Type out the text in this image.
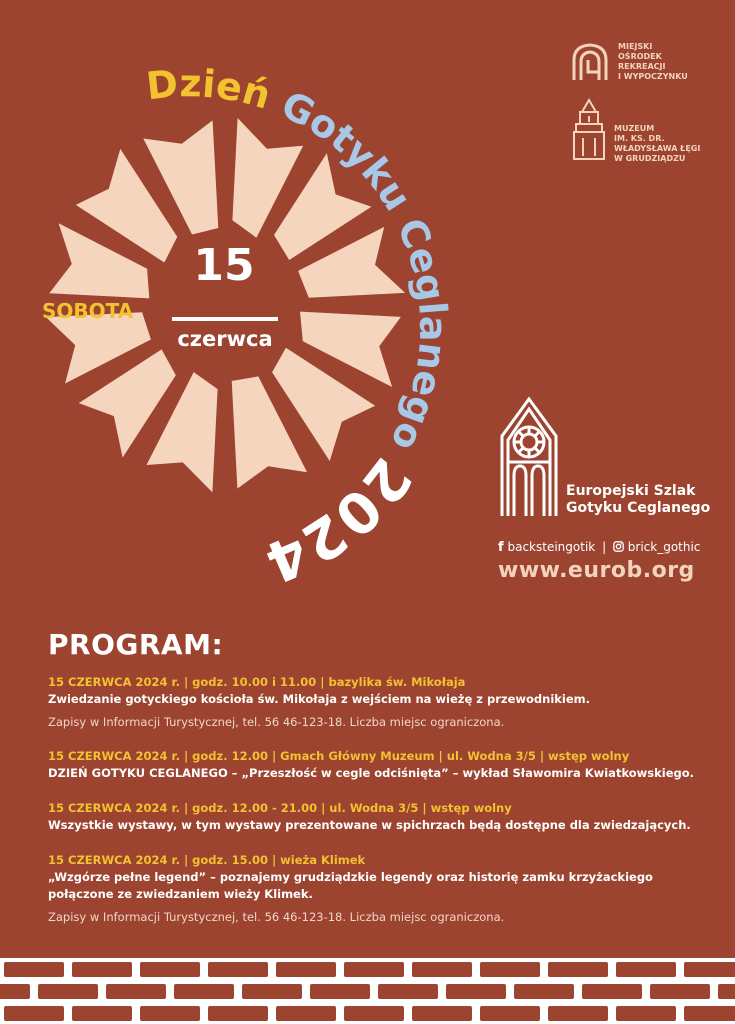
Dzień Gotyku Ceglanego 2024
SOBOTA
15
czerwca
MIEJSKI
OŚRODEK
REKREACJI
I WYPOCZYNKU
MUZEUM
IM. KS. DR.
WŁADYSŁAWA ŁĘGI
W GRUDZIĄDZU
Europejski Szlak
Gotyku Ceglanego
f backsteingotik | brick_gothic
www.eurob.org
PROGRAM:
15 CZERWCA 2024 r. | godz. 10.00 i 11.00 | bazylika św. Mikołaja
Zwiedzanie gotyckiego kościoła św. Mikołaja z wejściem na wieżę z przewodnikiem.
Zapisy w Informacji Turystycznej, tel. 56 46-123-18. Liczba miejsc ograniczona.
15 CZERWCA 2024 r. | godz. 12.00 | Gmach Główny Muzeum | ul. Wodna 3/5 | wstęp wolny
DZIEŃ GOTYKU CEGLANEGO – „Przeszłość w cegle odciśnięta” – wykład Sławomira Kwiatkowskiego.
15 CZERWCA 2024 r. | godz. 12.00 - 21.00 | ul. Wodna 3/5 | wstęp wolny
Wszystkie wystawy, w tym wystawy prezentowane w spichrzach będą dostępne dla zwiedzających.
15 CZERWCA 2024 r. | godz. 15.00 | wieża Klimek
„Wzgórze pełne legend” – poznajemy grudziądzkie legendy oraz historię zamku krzyżackiego
połączone ze zwiedzaniem wieży Klimek.
Zapisy w Informacji Turystycznej, tel. 56 46-123-18. Liczba miejsc ograniczona.
